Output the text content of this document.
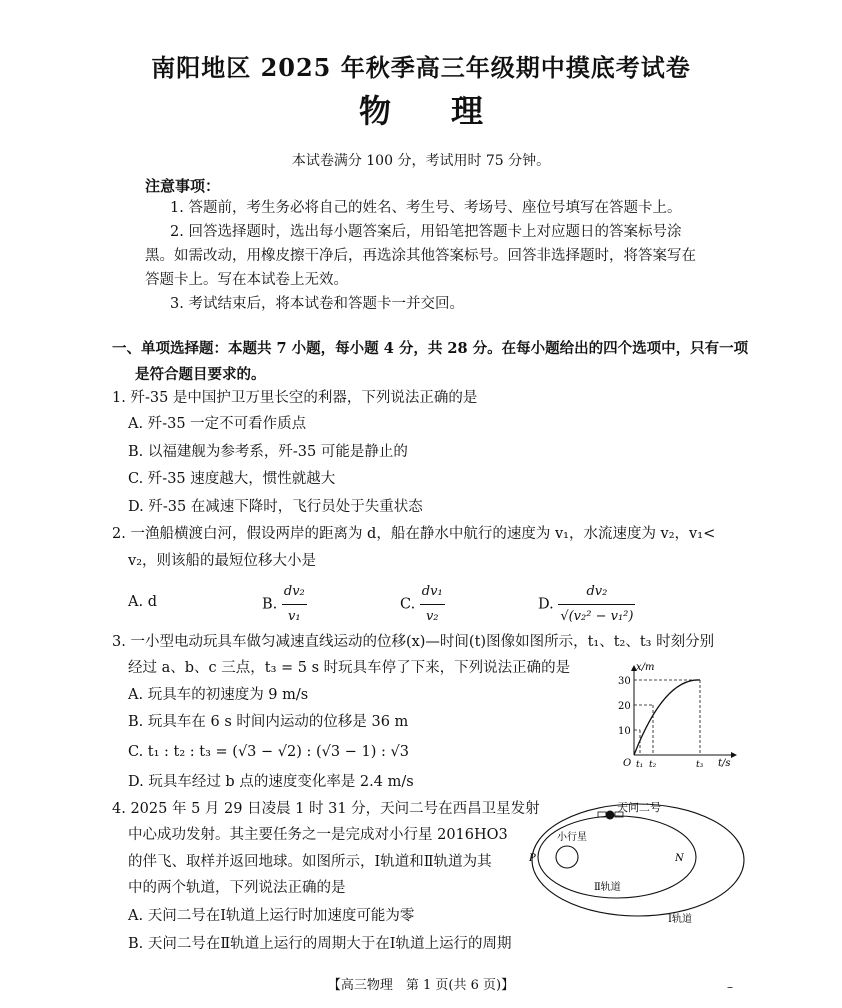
南阳地区 2025 年秋季高三年级期中摸底考试卷
物理
本试卷满分 100 分，考试用时 75 分钟。
注意事项：
1. 答题前，考生务必将自己的姓名、考生号、考场号、座位号填写在答题卡上。
2. 回答选择题时，选出每小题答案后，用铅笔把答题卡上对应题日的答案标号涂
黑。如需改动，用橡皮擦干净后，再选涂其他答案标号。回答非选择题时，将答案写在
答题卡上。写在本试卷上无效。
3. 考试结束后，将本试卷和答题卡一并交回。
一、单项选择题：本题共 7 小题，每小题 4 分，共 28 分。在每小题给出的四个选项中，只有一项
是符合题目要求的。
1. 歼-35 是中国护卫万里长空的利器，下列说法正确的是
A. 歼-35 一定不可看作质点
B. 以福建舰为参考系，歼-35 可能是静止的
C. 歼-35 速度越大，惯性就越大
D. 歼-35 在减速下降时，飞行员处于失重状态
2. 一渔船横渡白河，假设两岸的距离为 d，船在静水中航行的速度为 v₁，水流速度为 v₂，v₁<
v₂，则该船的最短位移大小是
A. d	B. $\frac{\text{dv₂}}{\text{v₁}}$	C. $\frac{\text{dv₁}}{\text{v₂}}$	D. $\frac{\text{dv₂}}{\text{√(v₂² − v₁²)}}$
3. 一小型电动玩具车做匀减速直线运动的位移(x)—时间(t)图像如图所示，t₁、t₂、t₃ 时刻分别
经过 a、b、c 三点，t₃ = 5 s 时玩具车停了下来，下列说法正确的是
A. 玩具车的初速度为 9 m/s
B. 玩具车在 6 s 时间内运动的位移是 36 m
C. t₁ : t₂ : t₃ = (√3 − √2) : (√3 − 1) : √3
D. 玩具车经过 b 点的速度变化率是 2.4 m/s
x/m
t/s
O
10
20
30
t₁ t₂	t₃
4. 2025 年 5 月 29 日凌晨 1 时 31 分，天问二号在西昌卫星发射
中心成功发射。其主要任务之一是完成对小行星 2016HO3
的伴飞、取样并返回地球。如图所示，Ⅰ轨道和Ⅱ轨道为其
中的两个轨道，下列说法正确的是
A. 天问二号在Ⅰ轨道上运行时加速度可能为零
B. 天问二号在Ⅱ轨道上运行的周期大于在Ⅰ轨道上运行的周期
天问二号
小行星
P	N
Ⅱ轨道
Ⅰ轨道
【高三物理　第 1 页(共 6 页)】	–
